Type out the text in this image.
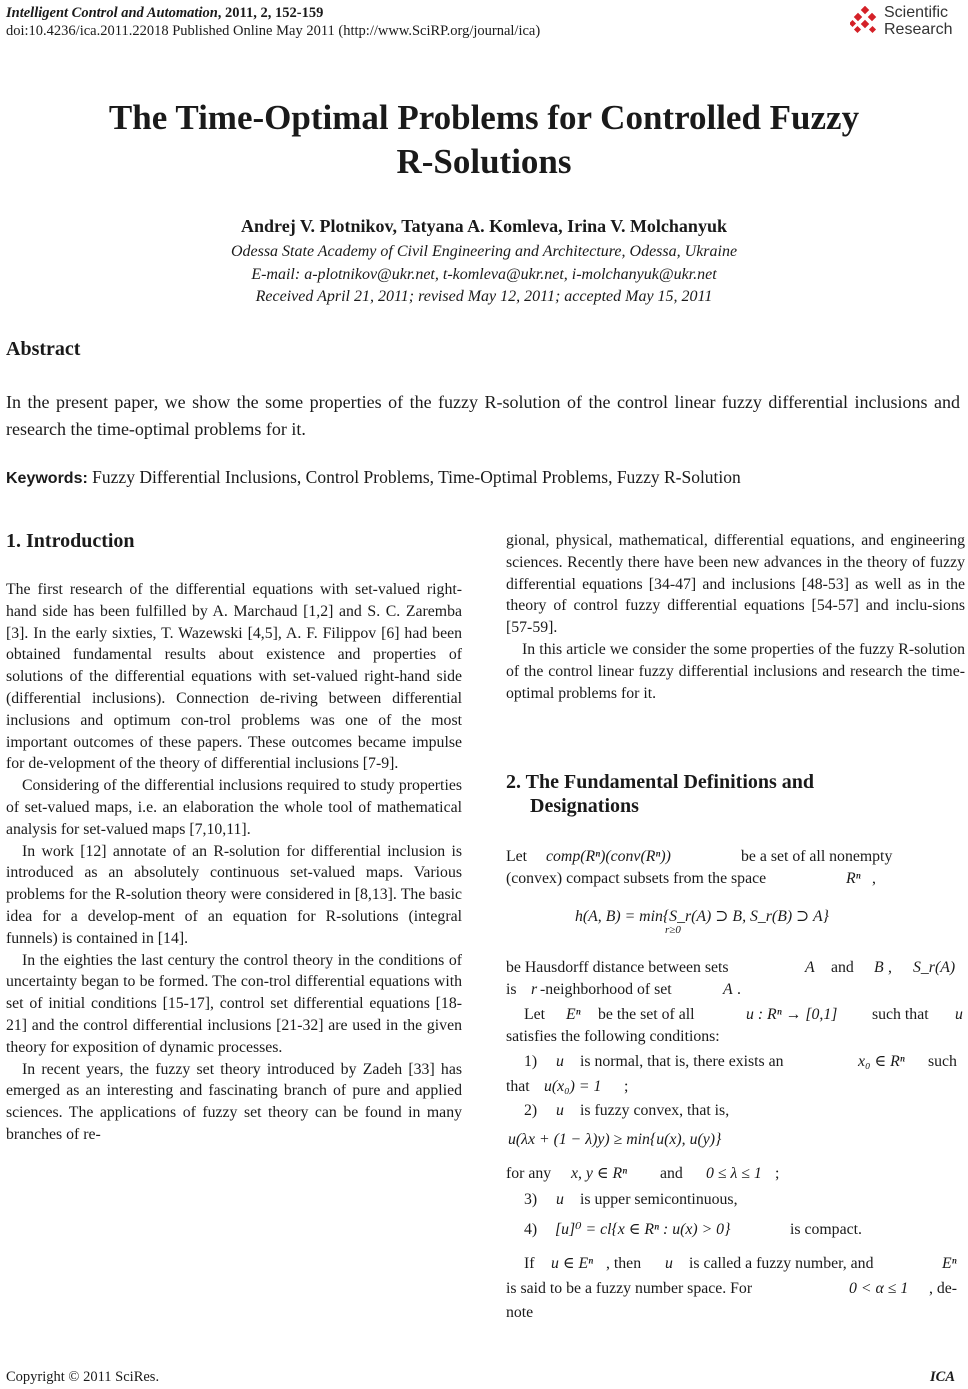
Intelligent Control and Automation, 2011, 2, 152-159
doi:10.4236/ica.2011.22018 Published Online May 2011 (http://www.SciRP.org/journal/ica)
Scientific
Research
The Time-Optimal Problems for Controlled Fuzzy
R-Solutions
Andrej V. Plotnikov, Tatyana A. Komleva, Irina V. Molchanyuk
Odessa State Academy of Civil Engineering and Architecture, Odessa, Ukraine
E-mail: a-plotnikov@ukr.net, t-komleva@ukr.net, i-molchanyuk@ukr.net
Received April 21, 2011; revised May 12, 2011; accepted May 15, 2011
Abstract
In the present paper, we show the some properties of the fuzzy R-solution of the control linear fuzzy differential inclusions and research the time-optimal problems for it.
Keywords: Fuzzy Differential Inclusions, Control Problems, Time-Optimal Problems, Fuzzy R-Solution
1. Introduction

The first research of the differential equations with set-valued right-hand side has been fulfilled by A. Marchaud [1,2] and S. C. Zaremba [3]. In the early sixties, T. Wazewski [4,5], A. F. Filippov [6] had been obtained fundamental results about existence and properties of solutions of the differential equations with set-valued right-hand side (differential inclusions). Connection de-riving between differential inclusions and optimum con-trol problems was one of the most important outcomes of these papers. These outcomes became impulse for de-velopment of the theory of differential inclusions [7-9].

Considering of the differential inclusions required to study properties of set-valued maps, i.e. an elaboration the whole tool of mathematical analysis for set-valued maps [7,10,11].

In work [12] annotate of an R-solution for differential inclusion is introduced as an absolutely continuous set-valued maps. Various problems for the R-solution theory were considered in [8,13]. The basic idea for a develop-ment of an equation for R-solutions (integral funnels) is contained in [14].

In the eighties the last century the control theory in the conditions of uncertainty began to be formed. The con-trol differential equations with set of initial conditions [15-17], control set differential equations [18-21] and the control differential inclusions [21-32] are used in the given theory for exposition of dynamic processes.

In recent years, the fuzzy set theory introduced by Zadeh [33] has emerged as an interesting and fascinating branch of pure and applied sciences. The applications of fuzzy set theory can be found in many branches of re-

gional, physical, mathematical, differential equations, and engineering sciences. Recently there have been new advances in the theory of fuzzy differential equations [34-47] and inclusions [48-53] as well as in the theory of control fuzzy differential equations [54-57] and inclu-sions [57-59].

In this article we consider the some properties of the fuzzy R-solution of the control linear fuzzy differential inclusions and research the time-optimal problems for it.

2. The Fundamental Definitions and
Designations
Let comp(Rⁿ)(conv(Rⁿ))	be a set of all nonempty
(convex) compact subsets from the space	Rⁿ ,
h(A, B) = min{S_r(A) ⊃ B, S_r(B) ⊃ A}
r≥0
be Hausdorff distance between sets	A and B , S_r(A)
is r -neighborhood of set	A .
Let Eⁿ be the set of all	u : Rⁿ → [0,1] such that u
satisfies the following conditions:
1) u is normal, that is, there exists an	x₀ ∈ Rⁿ such
that u(x₀) = 1 ;
2) u is fuzzy convex, that is,
u(λx + (1 − λ)y) ≥ min{u(x), u(y)}
for any x, y ∈ Rⁿ and 0 ≤ λ ≤ 1 ;
3) u is upper semicontinuous,
4) [u]⁰ = cl{x ∈ Rⁿ : u(x) > 0}	is compact.
If u ∈ Eⁿ , then u is called a fuzzy number, and	Eⁿ
is said to be a fuzzy number space. For	0 < α ≤ 1 , de-
note
Copyright © 2011 SciRes.	ICA
